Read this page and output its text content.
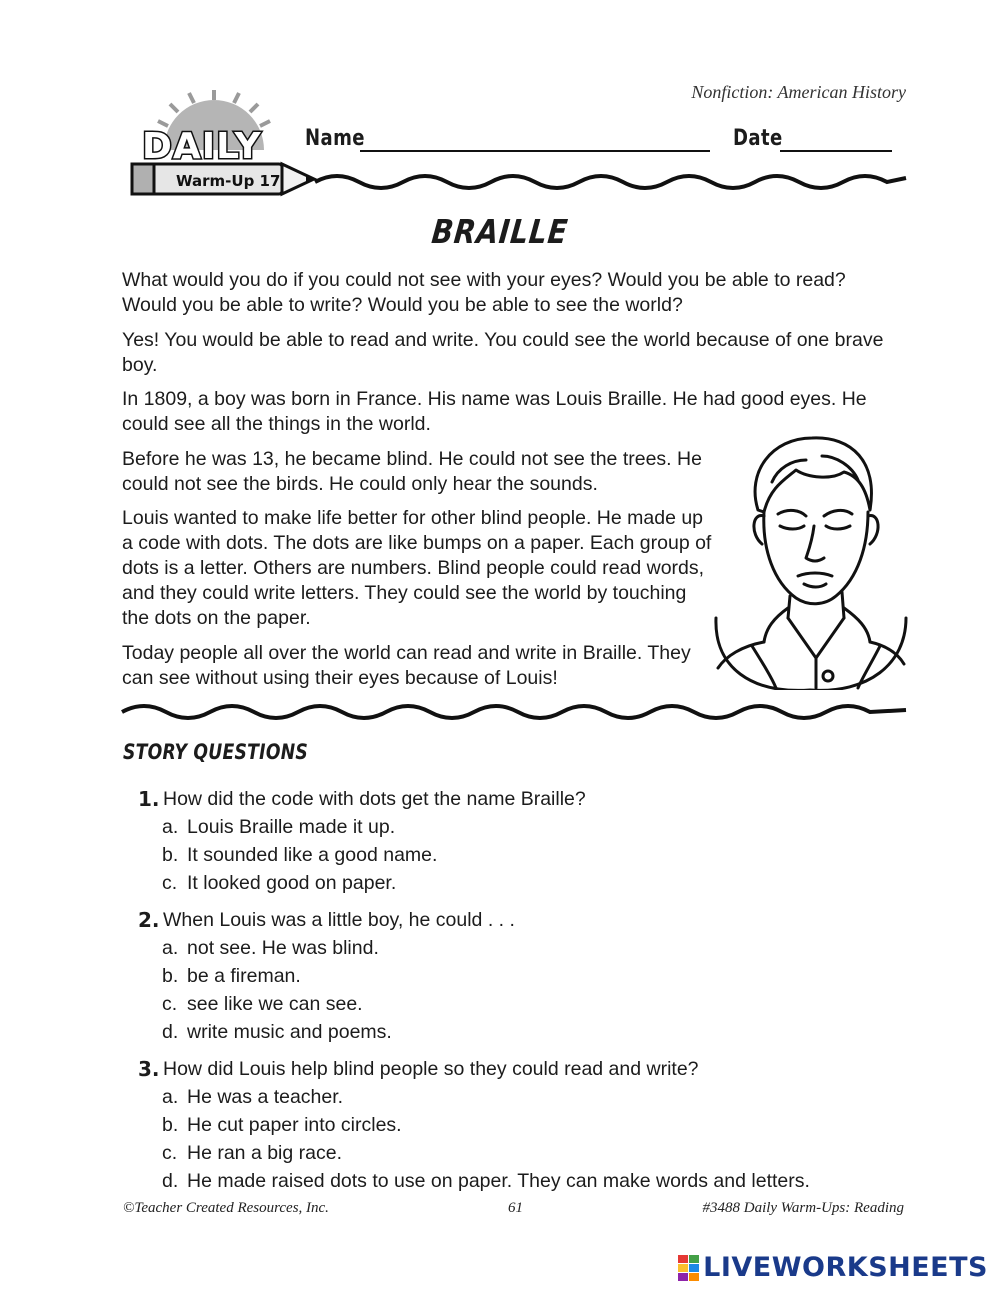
Nonfiction: American History
DAILY
Warm-Up 17
Name	Date
BRAILLE

What would you do if you could not see with your eyes? Would you be able to read? Would you be able to write? Would you be able to see the world?

Yes! You would be able to read and write. You could see the world because of one brave boy.

In 1809, a boy was born in France. His name was Louis Braille. He had good eyes. He could see all the things in the world.

Before he was 13, he became blind. He could not see the trees. He could not see the birds. He could only hear the sounds.

Louis wanted to make life better for other blind people. He made up a code with dots. The dots are like bumps on a paper. Each group of dots is a letter. Others are numbers. Blind people could read words, and they could write letters. They could see the world by touching the dots on the paper.

Today people all over the world can read and write in Braille. They can see without using their eyes because of Louis!

STORY QUESTIONS
1. How did the code with dots get the name Braille?
a. Louis Braille made it up.
b. It sounded like a good name.
c. It looked good on paper.
2. When Louis was a little boy, he could . . .
a. not see. He was blind.
b. be a fireman.
c. see like we can see.
d. write music and poems.
3. How did Louis help blind people so they could read and write?
a. He was a teacher.
b. He cut paper into circles.
c. He ran a big race.
d. He made raised dots to use on paper. They can make words and letters.
©Teacher Created Resources, Inc.	61	#3488 Daily Warm-Ups: Reading
LIVEWORKSHEETS
